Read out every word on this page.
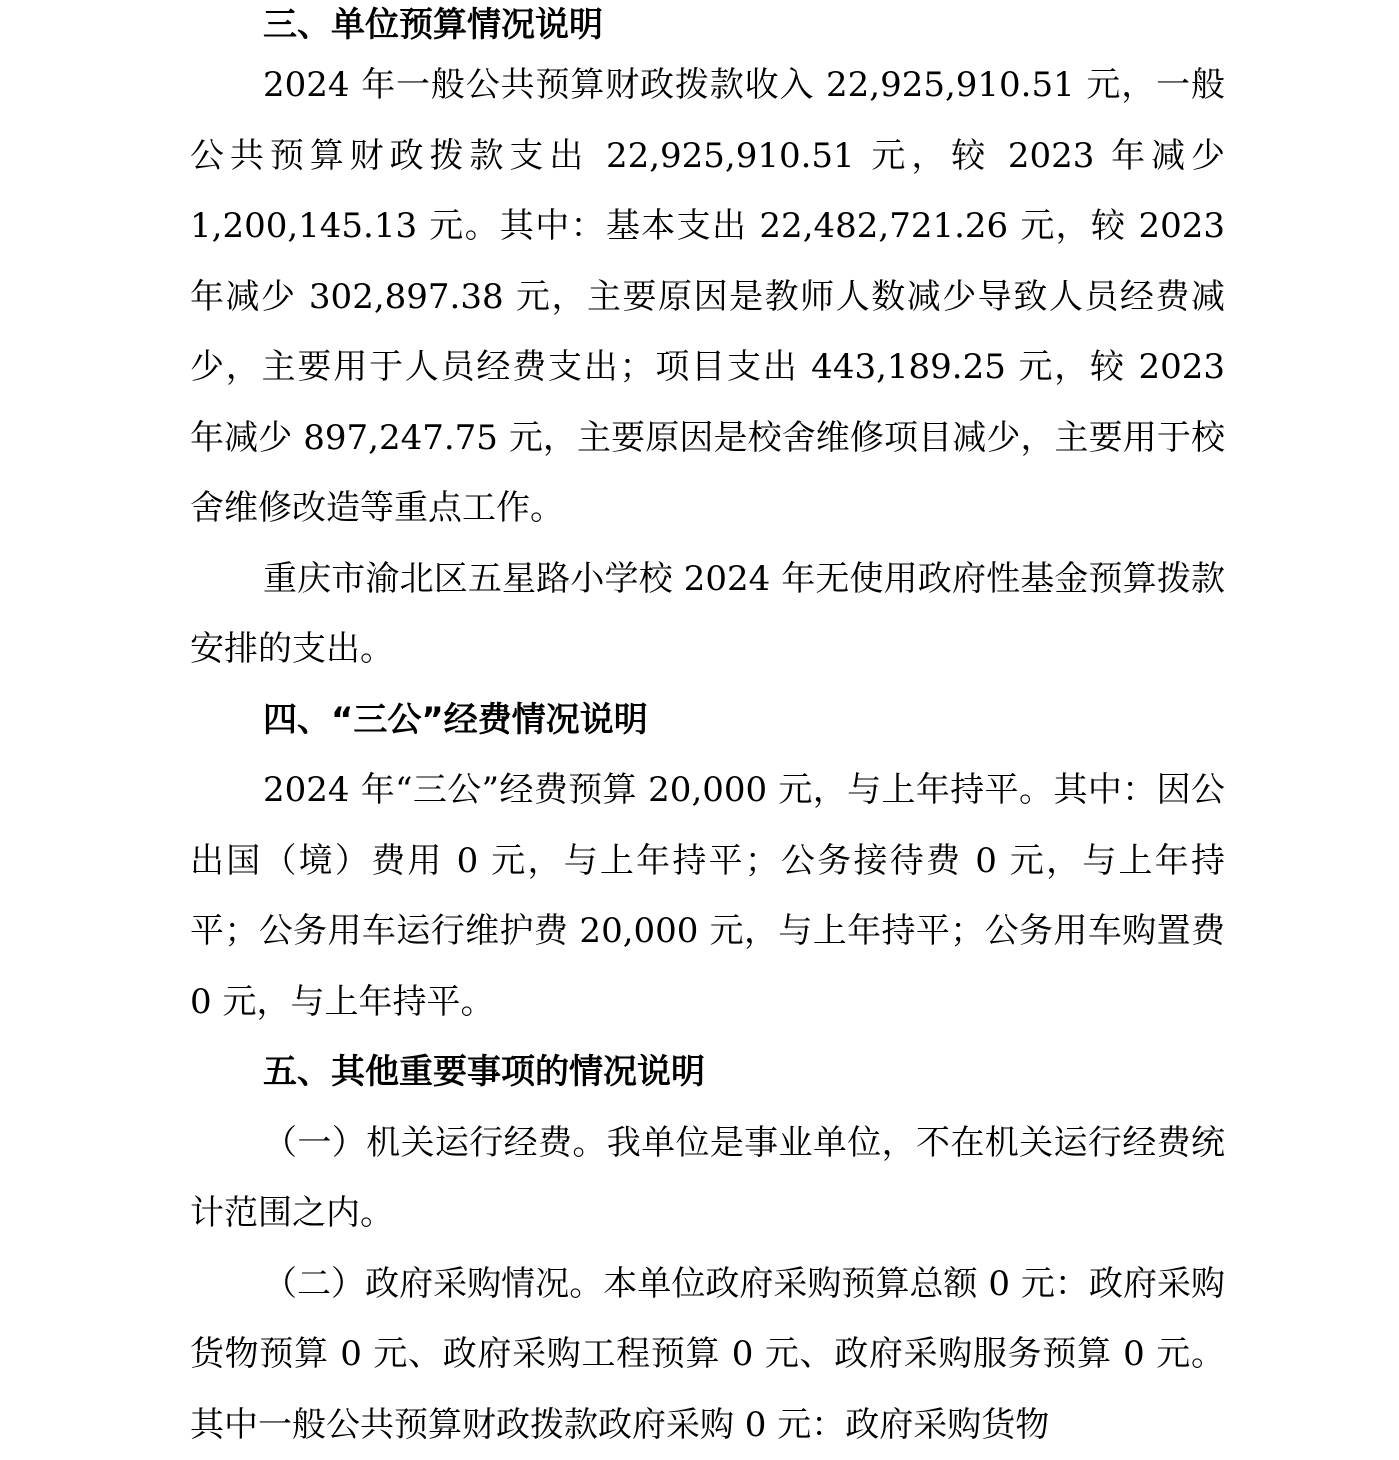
三、单位预算情况说明

2024 年一般公共预算财政拨款收入 22,925,910.51 元，一般公共预算财政拨款支出 22,925,910.51 元，较 2023 年减少 1,200,145.13 元。其中：基本支出 22,482,721.26 元，较 2023 年减少 302,897.38 元，主要原因是教师人数减少导致人员经费减少，主要用于人员经费支出；项目支出 443,189.25 元，较 2023 年减少 897,247.75 元，主要原因是校舍维修项目减少，主要用于校舍维修改造等重点工作。

重庆市渝北区五星路小学校 2024 年无使用政府性基金预算拨款安排的支出。

四、“三公”经费情况说明

2024 年“三公”经费预算 20,000 元，与上年持平。其中：因公出国（境）费用 0 元，与上年持平；公务接待费 0 元，与上年持平；公务用车运行维护费 20,000 元，与上年持平；公务用车购置费 0 元，与上年持平。

五、其他重要事项的情况说明

（一）机关运行经费。我单位是事业单位，不在机关运行经费统计范围之内。

（二）政府采购情况。本单位政府采购预算总额 0 元：政府采购货物预算 0 元、政府采购工程预算 0 元、政府采购服务预算 0 元。其中一般公共预算财政拨款政府采购 0 元：政府采购货物
